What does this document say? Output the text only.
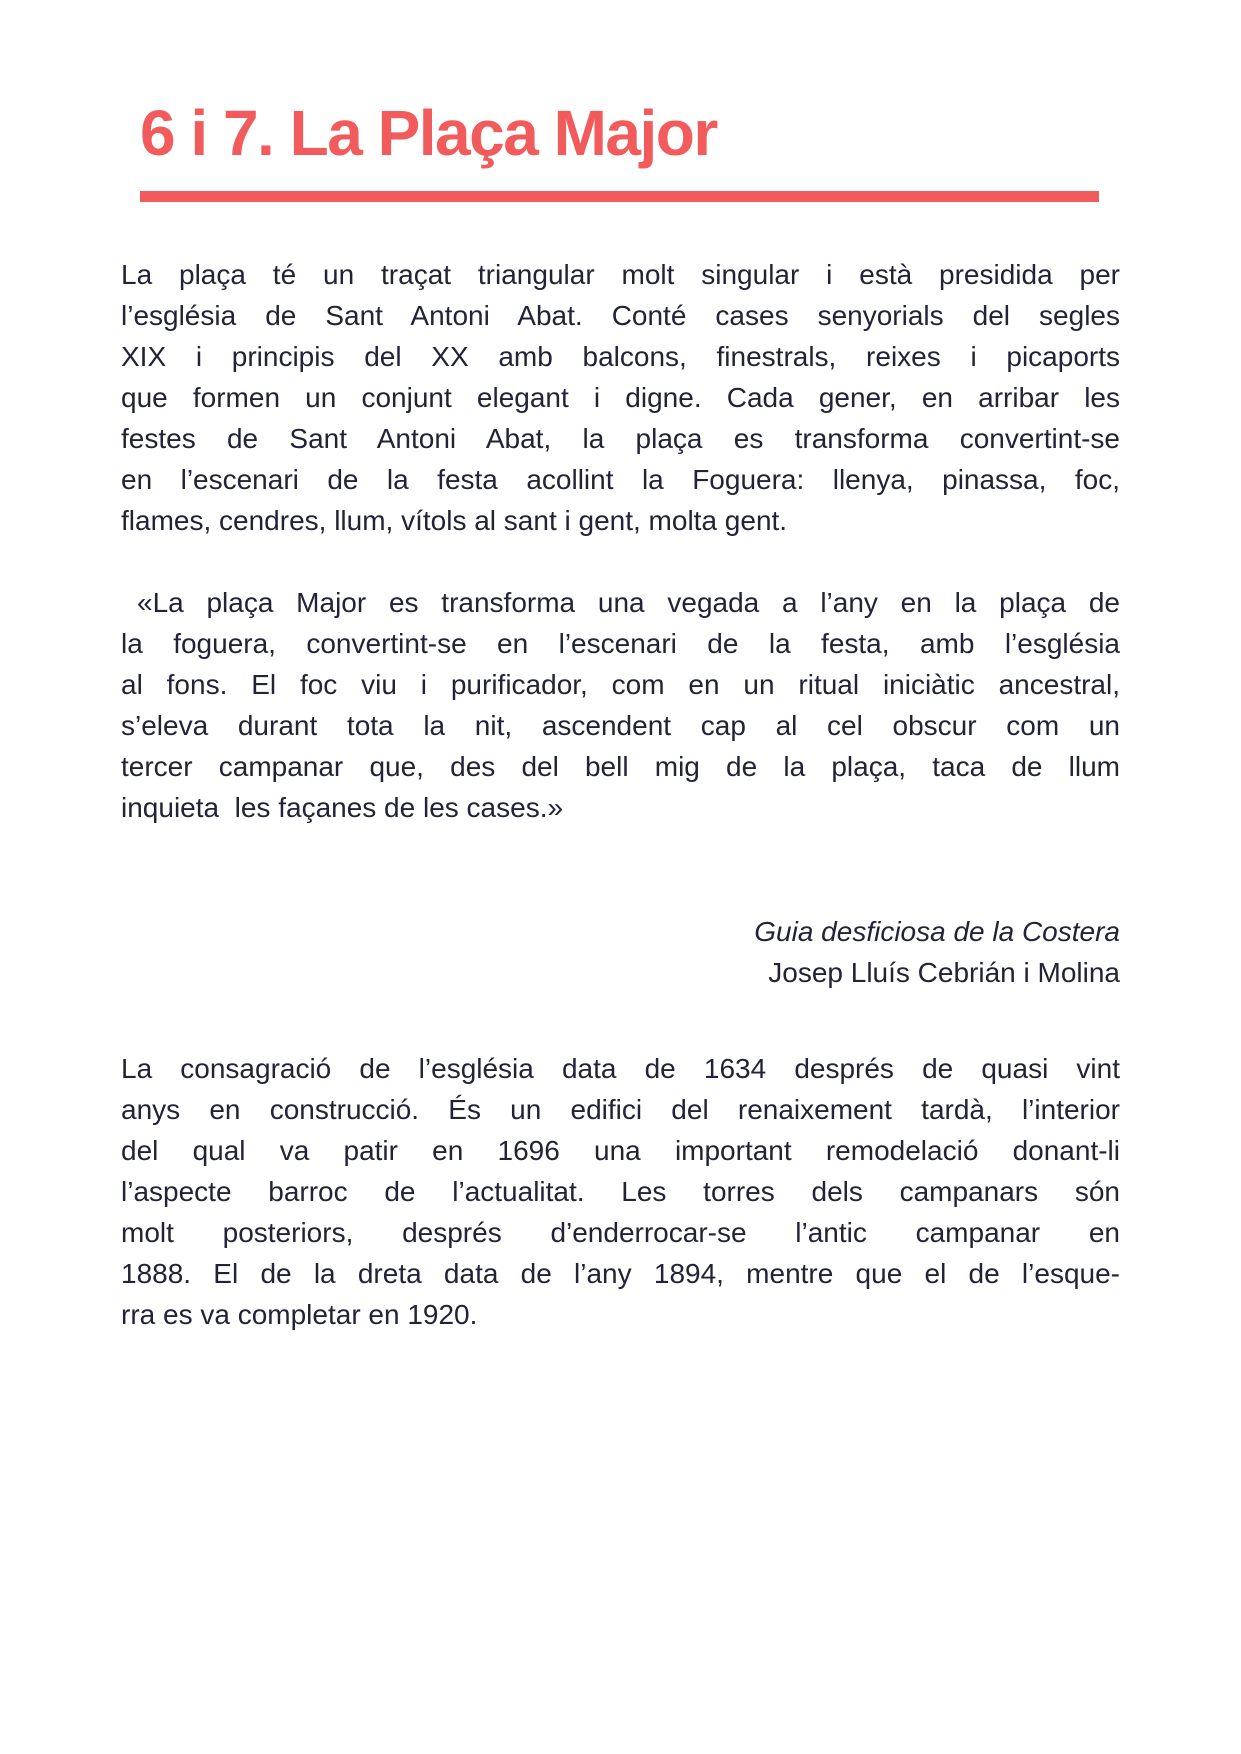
6 i 7. La Plaça Major
La plaça té un traçat triangular molt singular i està presidida per
l’església de Sant Antoni Abat. Conté cases senyorials del segles
XIX i principis del XX amb balcons, finestrals, reixes i picaports
que formen un conjunt elegant i digne. Cada gener, en arribar les
festes de Sant Antoni Abat, la plaça es transforma convertint-se
en l’escenari de la festa acollint la Foguera: llenya, pinassa, foc,
flames, cendres, llum, vítols al sant i gent, molta gent.
«La plaça Major es transforma una vegada a l’any en la plaça de
la foguera, convertint-se en l’escenari de la festa, amb l’església
al fons. El foc viu i purificador, com en un ritual iniciàtic ancestral,
s’eleva durant tota la nit, ascendent cap al cel obscur com un
tercer campanar que, des del bell mig de la plaça, taca de llum
inquieta  les façanes de les cases.»
Guia desficiosa de la Costera
Josep Lluís Cebrián i Molina
La consagració de l’església data de 1634 després de quasi vint
anys en construcció. És un edifici del renaixement tardà, l’interior
del qual va patir en 1696 una important remodelació donant-li
l’aspecte barroc de l’actualitat. Les torres dels campanars són
molt posteriors, després d’enderrocar-se l’antic campanar en
1888. El de la dreta data de l’any 1894, mentre que el de l’esque-
rra es va completar en 1920.
